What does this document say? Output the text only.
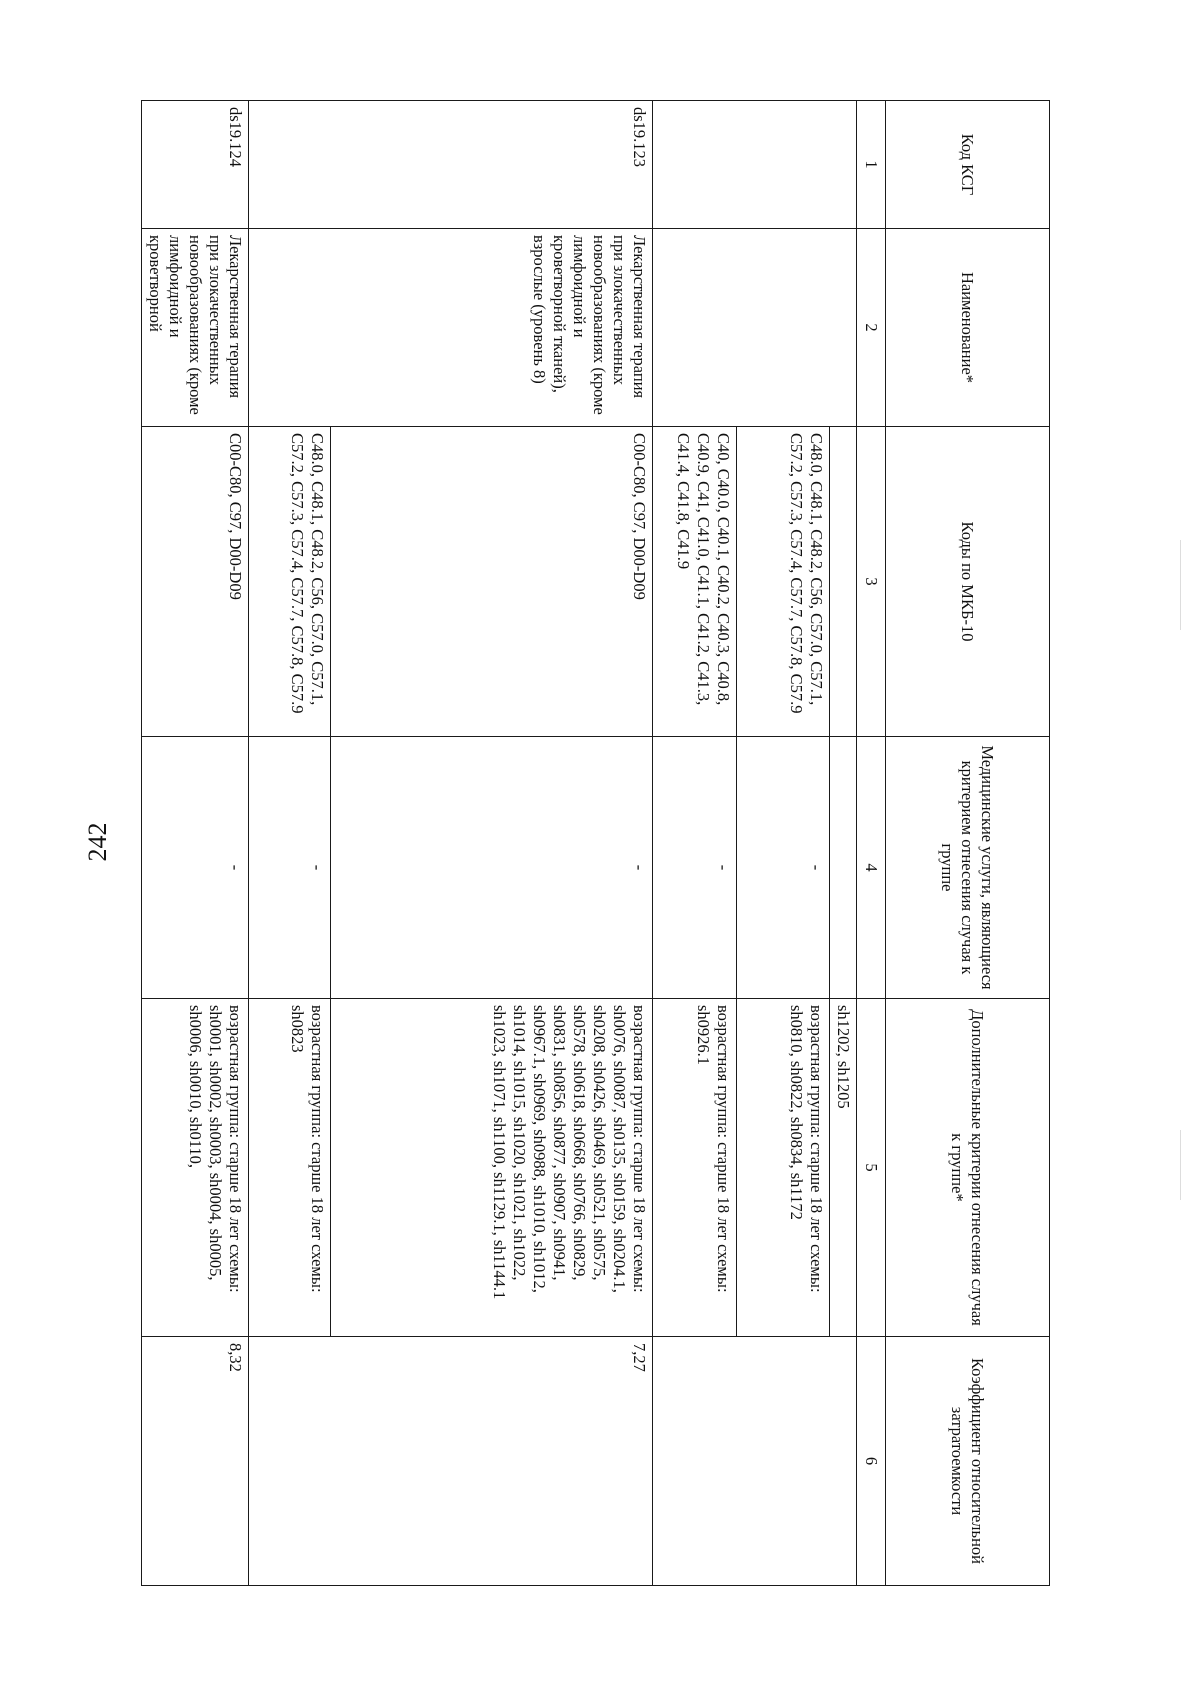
242
Код КСГ	Наименование*	Коды по МКБ-10	Медицинские услуги, являющиеся критерием отнесения случая к группе	Дополнительные критерии отнесения случая к группе*	Коэффициент относительной затратоемкости
1	2	3	4	5	6
				sh1202, sh1205	
		C48.0, C48.1, C48.2, C56, C57.0, C57.1, C57.2, C57.3, C57.4, C57.7, C57.8, C57.9	-	возрастная группа: старше 18 лет схемы: sh0810, sh0822, sh0834, sh1172	
		C40, C40.0, C40.1, C40.2, C40.3, C40.8, C40.9, C41, C41.0, C41.1, C41.2, C41.3, C41.4, C41.8, C41.9	-	возрастная группа: старше 18 лет схемы: sh0926.1	
ds19.123	Лекарственная терапия при злокачественных новообразованиях (кроме лимфоидной и кроветворной тканей), взрослые (уровень 8)	C00-C80, C97, D00-D09	-	возрастная группа: старше 18 лет схемы: sh0076, sh0087, sh0135, sh0159, sh0204.1, sh0208, sh0426, sh0469, sh0521, sh0575, sh0578, sh0618, sh0668, sh0766, sh0829, sh0831, sh0856, sh0877, sh0907, sh0941, sh0967.1, sh0969, sh0988, sh1010, sh1012, sh1014, sh1015, sh1020, sh1021, sh1022, sh1023, sh1071, sh1100, sh1129.1, sh1144.1	7,27
		C48.0, C48.1, C48.2, C56, C57.0, C57.1, C57.2, C57.3, C57.4, C57.7, C57.8, C57.9	-	возрастная группа: старше 18 лет схемы: sh0823	
ds19.124	Лекарственная терапия при злокачественных новообразованиях (кроме лимфоидной и кроветворной	C00-C80, C97, D00-D09	-	возрастная группа: старше 18 лет схемы: sh0001, sh0002, sh0003, sh0004, sh0005, sh0006, sh0010, sh0110,	8,32
